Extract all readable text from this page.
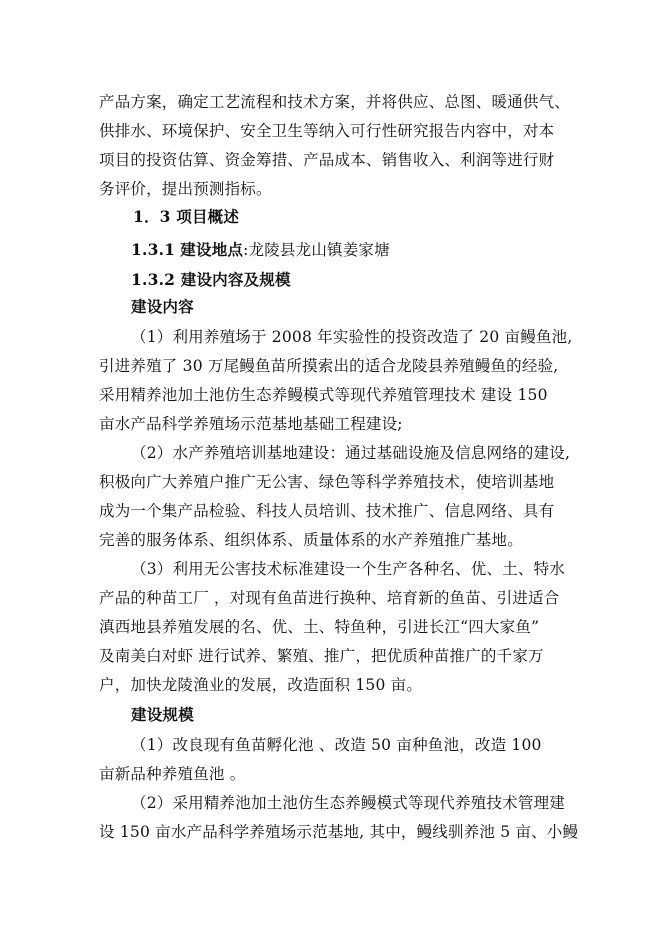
产品方案，确定工艺流程和技术方案，并将供应、总图、暖通供气、
供排水、环境保护、安全卫生等纳入可行性研究报告内容中，对本
项目的投资估算、资金筹措、产品成本、销售收入、利润等进行财
务评价，提出预测指标。
1．3 项目概述
1.3.1 建设地点:龙陵县龙山镇姜家塘
1.3.2 建设内容及规模
建设内容
（1）利用养殖场于 2008 年实验性的投资改造了 20 亩鳗鱼池,
引进养殖了 30 万尾鳗鱼苗所摸索出的适合龙陵县养殖鳗鱼的经验,
采用精养池加土池仿生态养鳗模式等现代养殖管理技术 建设 150
亩水产品科学养殖场示范基地基础工程建设;
（2）水产养殖培训基地建设：通过基础设施及信息网络的建设,
积极向广大养殖户推广无公害、绿色等科学养殖技术，使培训基地
成为一个集产品检验、科技人员培训、技术推广、信息网络、具有
完善的服务体系、组织体系、质量体系的水产养殖推广基地。
（3）利用无公害技术标准建设一个生产各种名、优、土、特水
产品的种苗工厂 ，对现有鱼苗进行换种、培育新的鱼苗、引进适合
滇西地县养殖发展的名、优、土、特鱼种，引进长江“四大家鱼”
及南美白对虾 进行试养、繁殖、推广，把优质种苗推广的千家万
户，加快龙陵渔业的发展，改造面积 150 亩。
建设规模
（1）改良现有鱼苗孵化池 、改造 50 亩种鱼池，改造 100
亩新品种养殖鱼池 。
（2）采用精养池加土池仿生态养鳗模式等现代养殖技术管理建
设 150 亩水产品科学养殖场示范基地, 其中，鳗线驯养池 5 亩、小鳗
